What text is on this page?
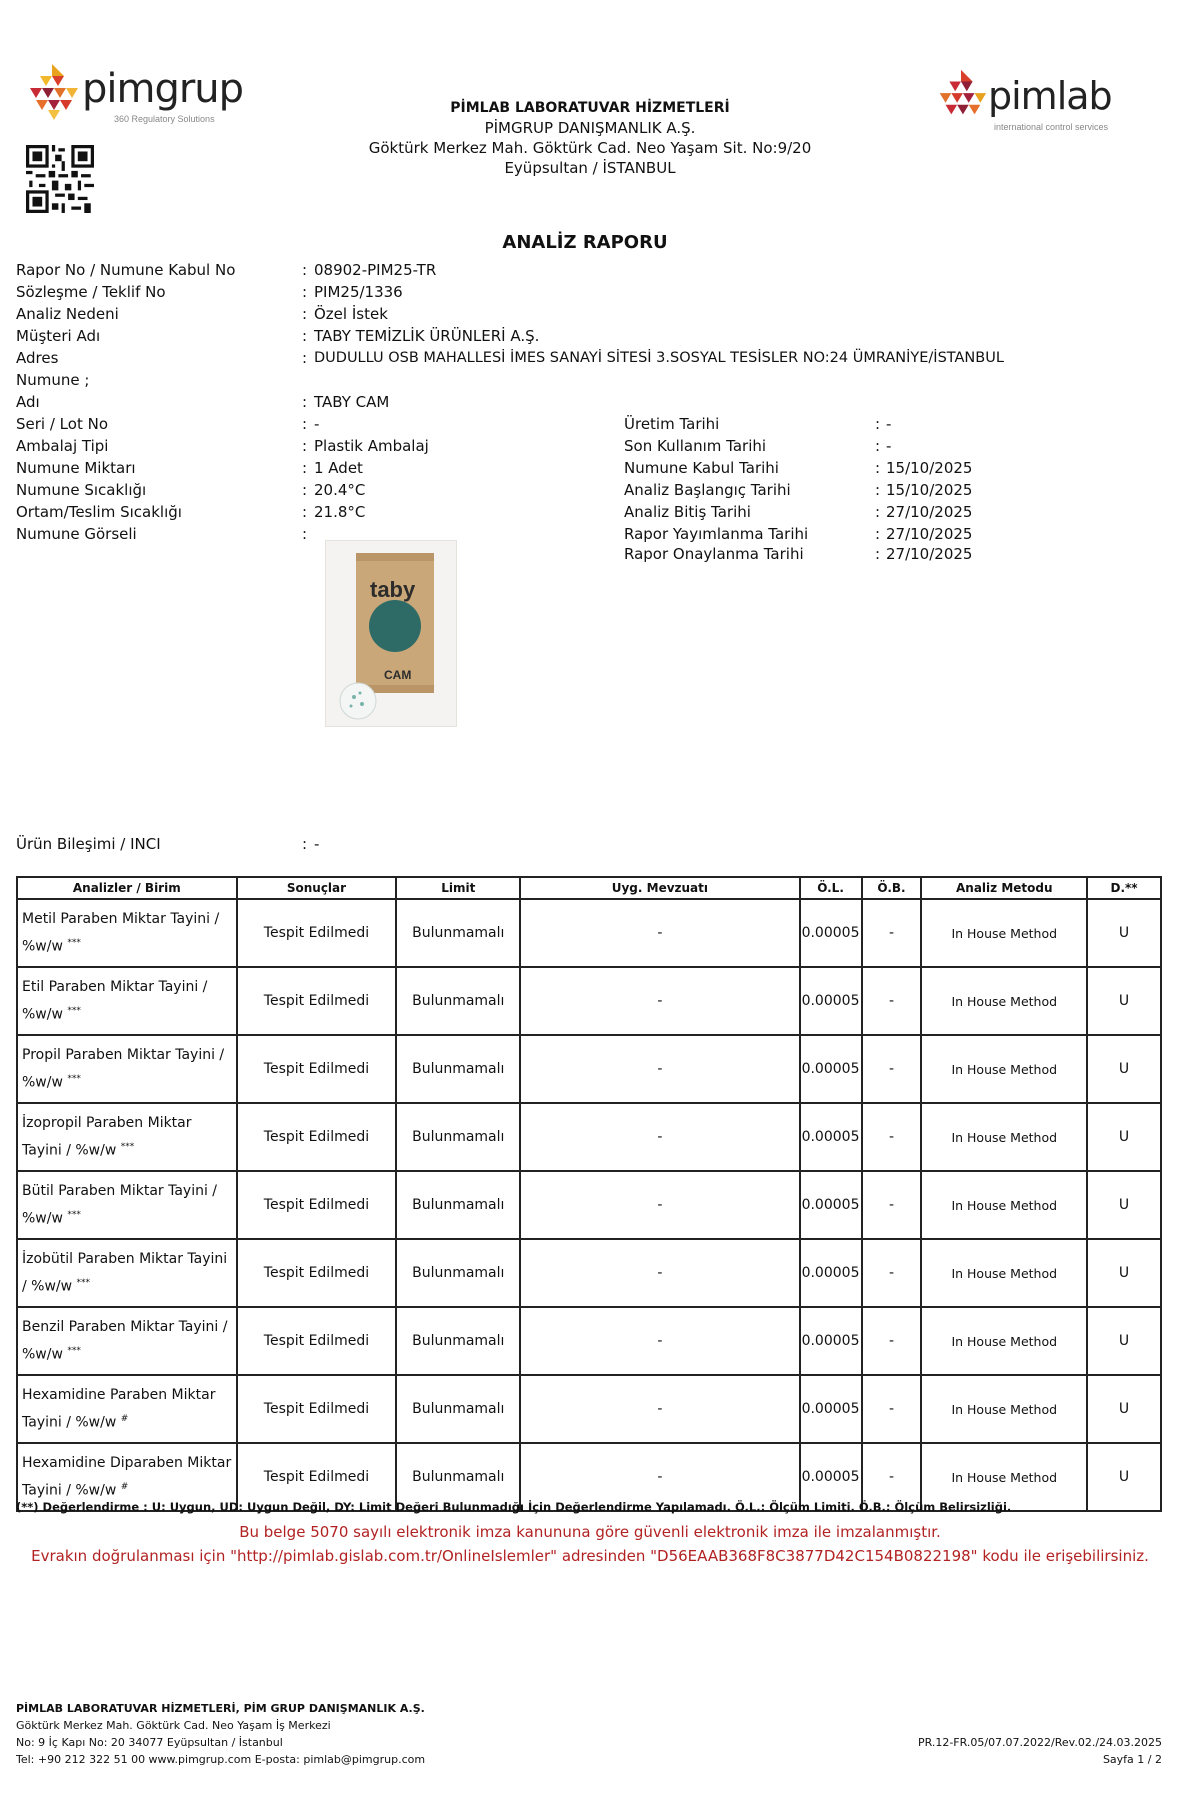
pimgrup
360 Regulatory Solutions
PİMLAB LABORATUVAR HİZMETLERİ
PİMGRUP DANIŞMANLIK A.Ş.
Göktürk Merkez Mah. Göktürk Cad. Neo Yaşam Sit. No:9/20
Eyüpsultan / İSTANBUL
pimlab
international control services
ANALİZ RAPORU
Rapor No / Numune Kabul No	: 08902-PIM25-TR
Sözleşme / Teklif No	: PIM25/1336
Analiz Nedeni	: Özel İstek
Müşteri Adı	: TABY TEMİZLİK ÜRÜNLERİ A.Ş.
Adres	: DUDULLU OSB MAHALLESİ İMES SANAYİ SİTESİ 3.SOSYAL TESİSLER NO:24 ÜMRANİYE/İSTANBUL
Numune ;
Adı	: TABY CAM
Seri / Lot No	: -
Ambalaj Tipi	: Plastik Ambalaj
Numune Miktarı	: 1 Adet
Numune Sıcaklığı	: 20.4°C
Ortam/Teslim Sıcaklığı	: 21.8°C
Numune Görseli	:
Üretim Tarihi	: -
Son Kullanım Tarihi	: -
Numune Kabul Tarihi	: 15/10/2025
Analiz Başlangıç Tarihi	: 15/10/2025
Analiz Bitiş Tarihi	: 27/10/2025
Rapor Yayımlanma Tarihi	: 27/10/2025
Rapor Onaylanma Tarihi	: 27/10/2025
taby
CAM
Ürün Bileşimi / INCI	: -
Analizler / Birim	Sonuçlar	Limit	Uyg. Mevzuatı	Ö.L.	Ö.B.	Analiz Metodu	D.**
Metil Paraben Miktar Tayini /
%w/w ***	Tespit Edilmedi	Bulunmamalı	-	0.00005	-	In House Method	U
Etil Paraben Miktar Tayini /
%w/w ***	Tespit Edilmedi	Bulunmamalı	-	0.00005	-	In House Method	U
Propil Paraben Miktar Tayini /
%w/w ***	Tespit Edilmedi	Bulunmamalı	-	0.00005	-	In House Method	U
İzopropil Paraben Miktar
Tayini / %w/w ***	Tespit Edilmedi	Bulunmamalı	-	0.00005	-	In House Method	U
Bütil Paraben Miktar Tayini /
%w/w ***	Tespit Edilmedi	Bulunmamalı	-	0.00005	-	In House Method	U
İzobütil Paraben Miktar Tayini
/ %w/w ***	Tespit Edilmedi	Bulunmamalı	-	0.00005	-	In House Method	U
Benzil Paraben Miktar Tayini /
%w/w ***	Tespit Edilmedi	Bulunmamalı	-	0.00005	-	In House Method	U
Hexamidine Paraben Miktar
Tayini / %w/w #	Tespit Edilmedi	Bulunmamalı	-	0.00005	-	In House Method	U
Hexamidine Diparaben Miktar
Tayini / %w/w #	Tespit Edilmedi	Bulunmamalı	-	0.00005	-	In House Method	U
(**) Değerlendirme : U: Uygun, UD: Uygun Değil, DY: Limit Değeri Bulunmadığı İçin Değerlendirme Yapılamadı. Ö.L.: Ölçüm Limiti. Ö.B.: Ölçüm Belirsizliği.
Bu belge 5070 sayılı elektronik imza kanununa göre güvenli elektronik imza ile imzalanmıştır.
Evrakın doğrulanması için "http://pimlab.gislab.com.tr/OnlineIslemler" adresinden "D56EAAB368F8C3877D42C154B0822198" kodu ile erişebilirsiniz.
PİMLAB LABORATUVAR HİZMETLERİ, PİM GRUP DANIŞMANLIK A.Ş.
Göktürk Merkez Mah. Göktürk Cad. Neo Yaşam İş Merkezi
No: 9 İç Kapı No: 20 34077 Eyüpsultan / İstanbul
Tel: +90 212 322 51 00 www.pimgrup.com E-posta: pimlab@pimgrup.com
PR.12-FR.05/07.07.2022/Rev.02./24.03.2025
Sayfa 1 / 2
